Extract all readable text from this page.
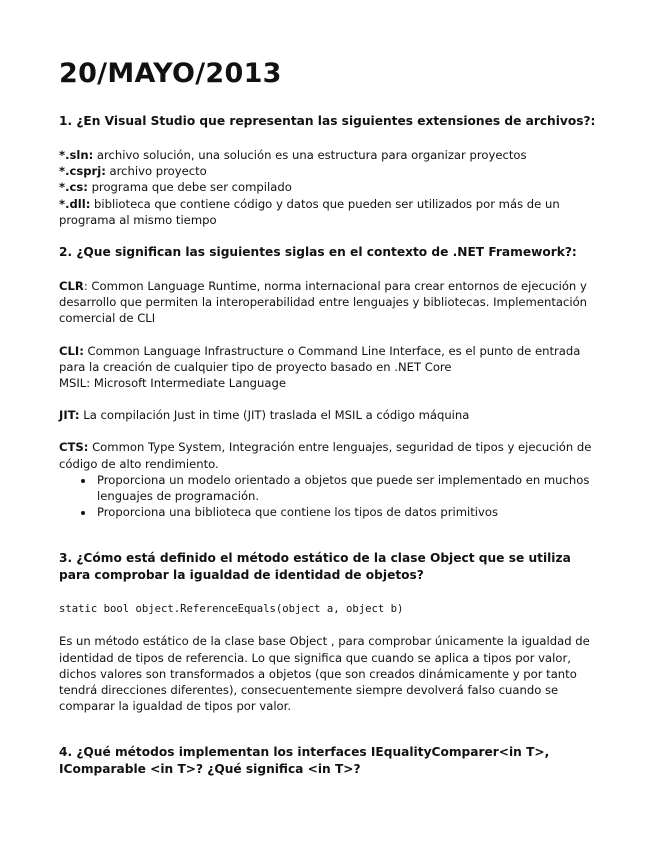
20/MAYO/2013
1. ¿En Visual Studio que representan las siguientes extensiones de archivos?:

*.sln: archivo solución, una solución es una estructura para organizar proyectos

*.csprj: archivo proyecto

*.cs: programa que debe ser compilado

*.dll: biblioteca que contiene código y datos que pueden ser utilizados por más de un programa al mismo tiempo

2. ¿Que significan las siguientes siglas en el contexto de .NET Framework?:

CLR: Common Language Runtime, norma internacional para crear entornos de ejecución y desarrollo que permiten la interoperabilidad entre lenguajes y bibliotecas. Implementación comercial de CLI

CLI: Common Language Infrastructure o Command Line Interface, es el punto de entrada para la creación de cualquier tipo de proyecto basado en .NET Core

MSIL: Microsoft Intermediate Language

JIT: La compilación Just in time (JIT) traslada el MSIL a código máquina

CTS: Common Type System, Integración entre lenguajes, seguridad de tipos y ejecución de código de alto rendimiento.

• Proporciona un modelo orientado a objetos que puede ser implementado en muchos lenguajes de programación.
• Proporciona una biblioteca que contiene los tipos de datos primitivos
3. ¿Cómo está definido el método estático de la clase Object que se utiliza para comprobar la igualdad de identidad de objetos?

static bool object.ReferenceEquals(object a, object b)

Es un método estático de la clase base Object , para comprobar únicamente la igualdad de identidad de tipos de referencia. Lo que significa que cuando se aplica a tipos por valor, dichos valores son transformados a objetos (que son creados dinámicamente y por tanto tendrá direcciones diferentes), consecuentemente siempre devolverá falso cuando se comparar la igualdad de tipos por valor.

4. ¿Qué métodos implementan los interfaces IEqualityComparer<in T>, IComparable <in T>? ¿Qué significa <in T>?
